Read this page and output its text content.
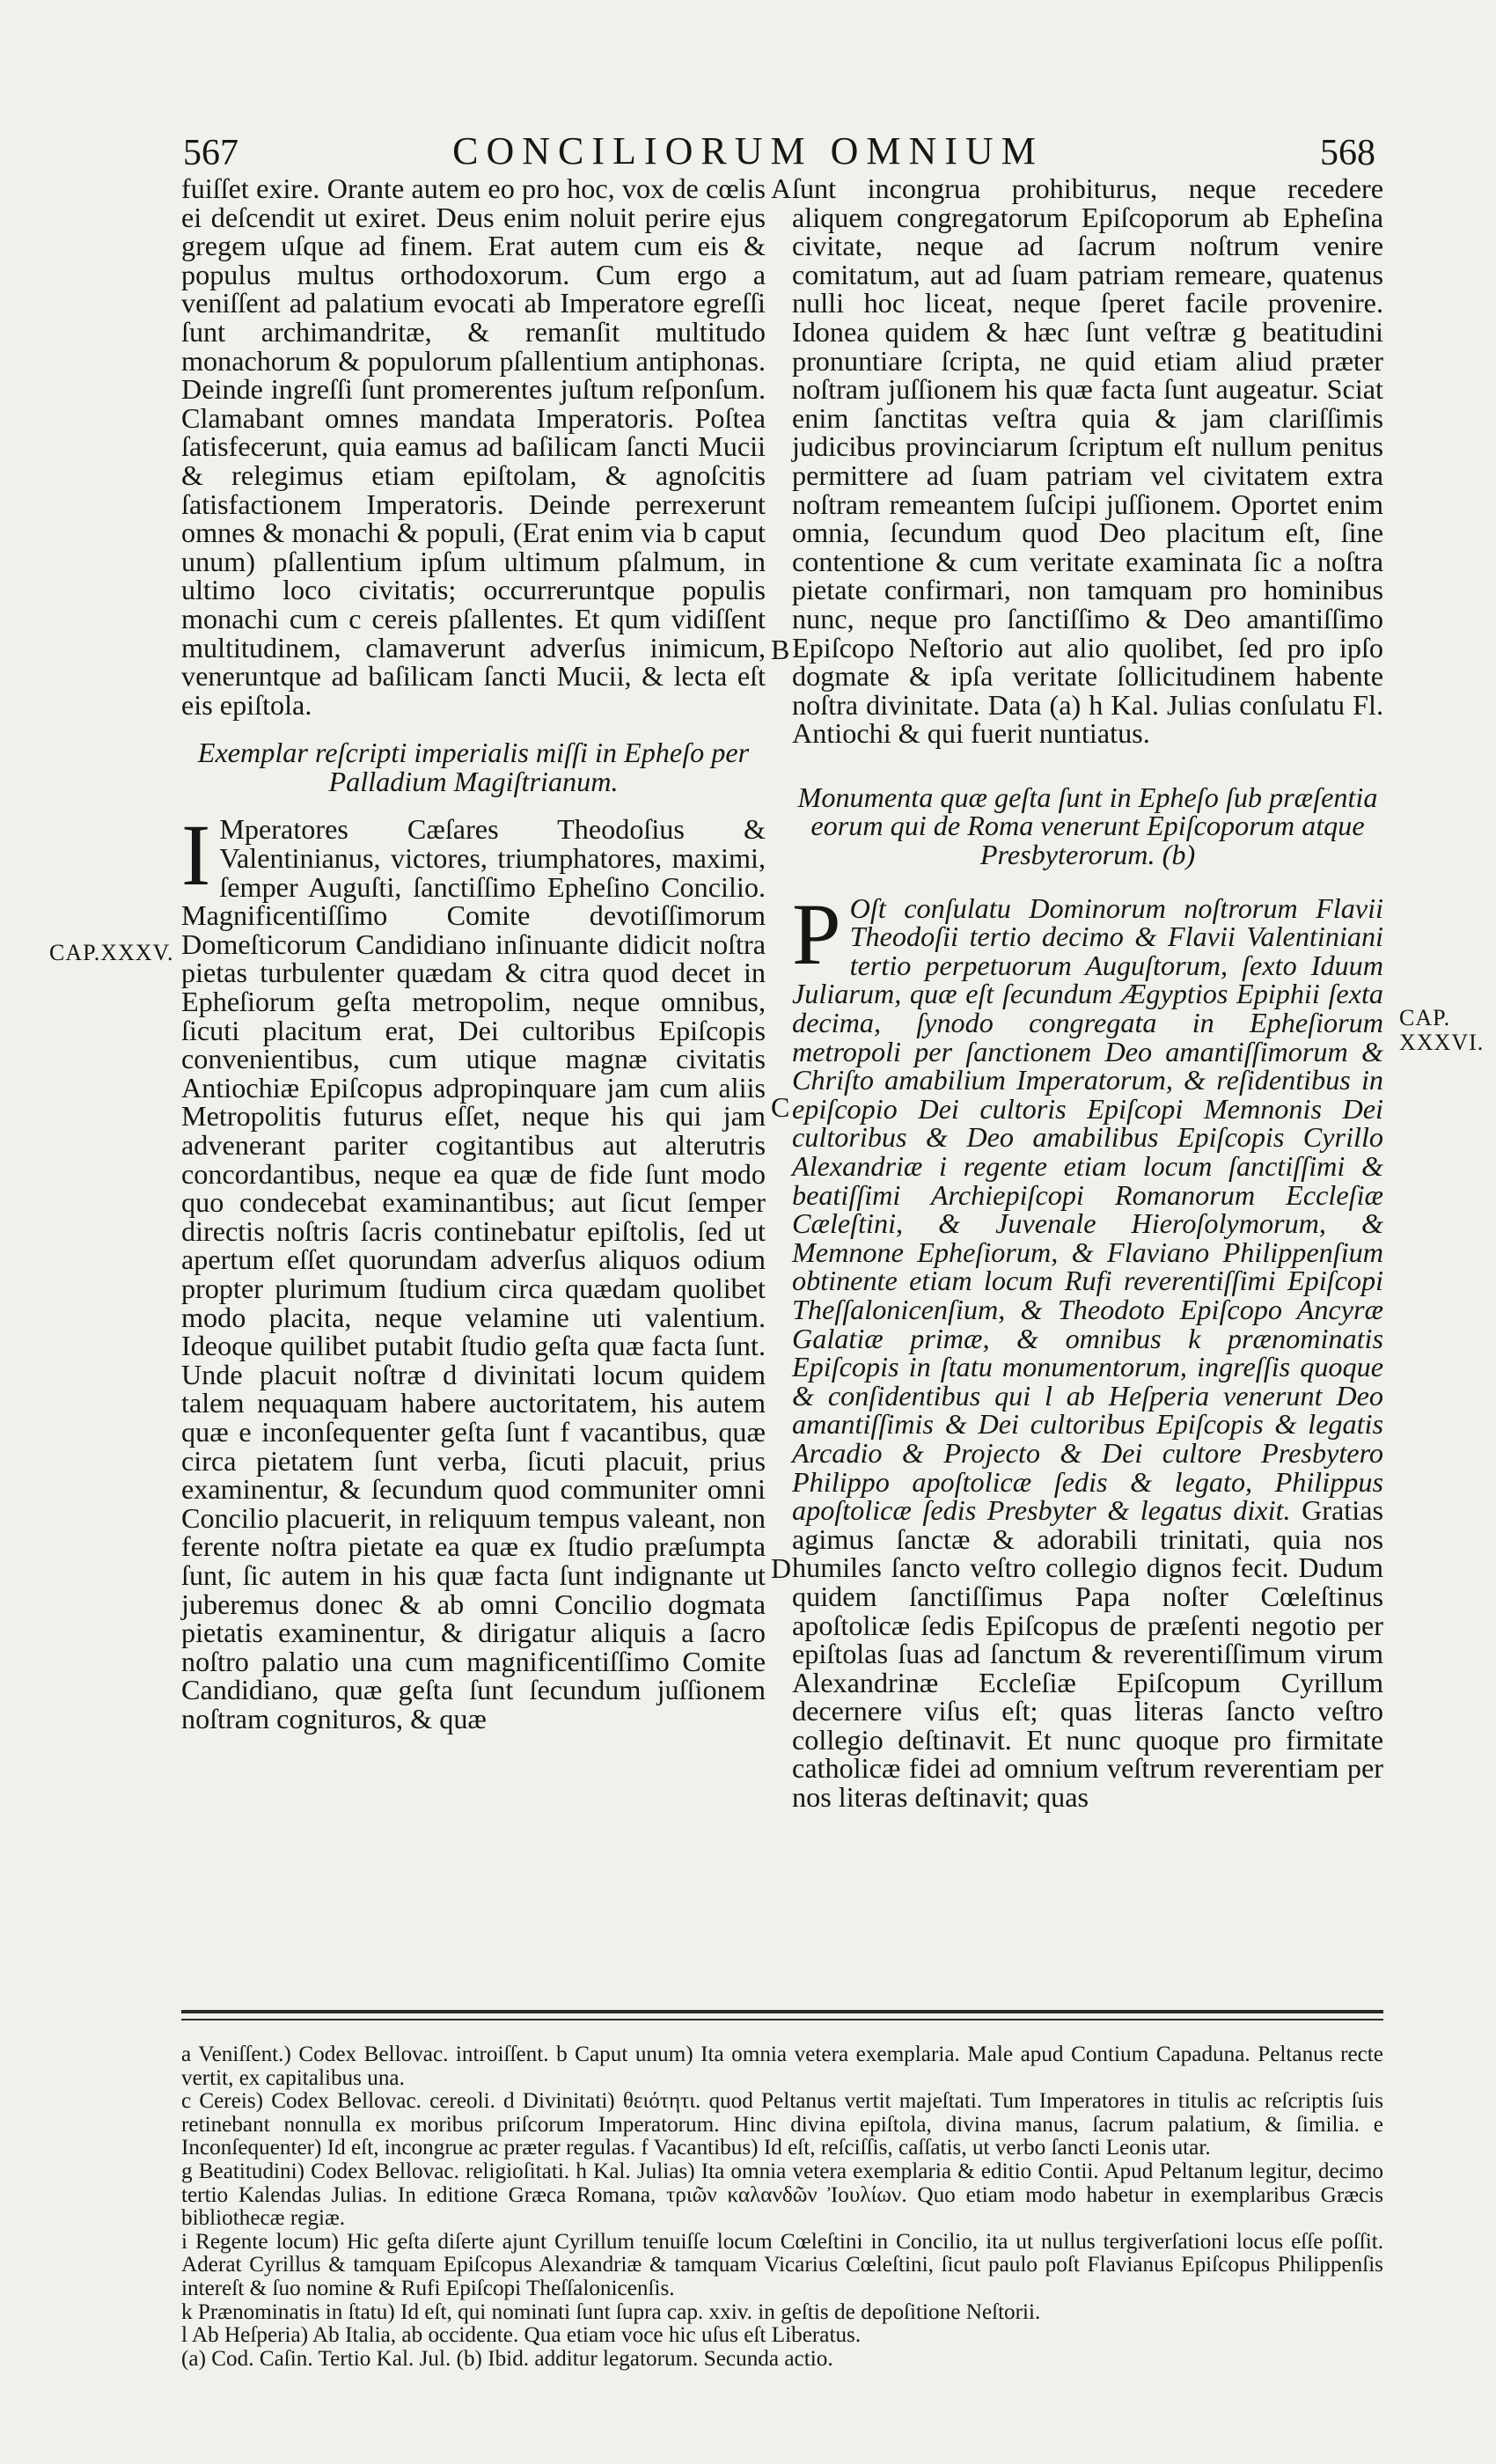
567	CONCILIORUM OMNIUM	568

fuiſſet exire. Orante autem eo pro hoc, vox de cœlis ei deſcendit ut exiret. Deus enim noluit perire ejus gregem uſque ad finem. Erat autem cum eis & populus multus orthodoxorum. Cum ergo a veniſſent ad palatium evocati ab Imperatore egreſſi ſunt archimandritæ, & remanſit multitudo monachorum & populorum pſallentium antiphonas. Deinde ingreſſi ſunt promerentes juſtum reſponſum. Clamabant omnes mandata Imperatoris. Poſtea ſatisfecerunt, quia eamus ad baſilicam ſancti Mucii & relegimus etiam epiſtolam, & agnoſcitis ſatisfactionem Imperatoris. Deinde perrexerunt omnes & monachi & populi, (Erat enim via b caput unum) pſallentium ipſum ultimum pſalmum, in ultimo loco civitatis; occurreruntque populis monachi cum c cereis pſallentes. Et qum vidiſſent multitudinem, clamaverunt adverſus inimicum, veneruntque ad baſilicam ſancti Mucii, & lecta eſt eis epiſtola.

Exemplar reſcripti imperialis miſſi in Epheſo per Palladium Magiſtrianum.

I Mperatores Cæſares Theodoſius & Valentinianus, victores, triumphatores, maximi, ſemper Auguſti, ſanctiſſimo Epheſino Concilio. Magnificentiſſimo Comite devotiſſimorum Domeſticorum Candidiano inſinuante didicit noſtra pietas turbulenter quædam & citra quod decet in Epheſiorum geſta metropolim, neque omnibus, ſicuti placitum erat, Dei cultoribus Epiſcopis convenientibus, cum utique magnæ civitatis Antiochiæ Epiſcopus adpropinquare jam cum aliis Metropolitis futurus eſſet, neque his qui jam advenerant pariter cogitantibus aut alterutris concordantibus, neque ea quæ de fide ſunt modo quo condecebat examinantibus; aut ſicut ſemper directis noſtris ſacris continebatur epiſtolis, ſed ut apertum eſſet quorundam adverſus aliquos odium propter plurimum ſtudium circa quædam quolibet modo placita, neque velamine uti valentium. Ideoque quilibet putabit ſtudio geſta quæ facta ſunt. Unde placuit noſtræ d divinitati locum quidem talem nequaquam habere auctoritatem, his autem quæ e inconſequenter geſta ſunt f vacantibus, quæ circa pietatem ſunt verba, ſicuti placuit, prius examinentur, & ſecundum quod communiter omni Concilio placuerit, in reliquum tempus valeant, non ferente noſtra pietate ea quæ ex ſtudio præſumpta ſunt, ſic autem in his quæ facta ſunt indignante ut juberemus donec & ab omni Concilio dogmata pietatis examinentur, & dirigatur aliquis a ſacro noſtro palatio una cum magnificentiſſimo Comite Candidiano, quæ geſta ſunt ſecundum juſſionem noſtram cognituros, & quæ

ſunt incongrua prohibiturus, neque recedere aliquem congregatorum Epiſcoporum ab Epheſina civitate, neque ad ſacrum noſtrum venire comitatum, aut ad ſuam patriam remeare, quatenus nulli hoc liceat, neque ſperet facile provenire. Idonea quidem & hæc ſunt veſtræ g beatitudini pronuntiare ſcripta, ne quid etiam aliud præter noſtram juſſionem his quæ facta ſunt augeatur. Sciat enim ſanctitas veſtra quia & jam clariſſimis judicibus provinciarum ſcriptum eſt nullum penitus permittere ad ſuam patriam vel civitatem extra noſtram remeantem ſuſcipi juſſionem. Oportet enim omnia, ſecundum quod Deo placitum eſt, ſine contentione & cum veritate examinata ſic a noſtra pietate confirmari, non tamquam pro hominibus nunc, neque pro ſanctiſſimo & Deo amantiſſimo Epiſcopo Neſtorio aut alio quolibet, ſed pro ipſo dogmate & ipſa veritate ſollicitudinem habente noſtra divinitate. Data (a) h Kal. Julias conſulatu Fl. Antiochi & qui fuerit nuntiatus.

Monumenta quæ geſta ſunt in Epheſo ſub præſentia eorum qui de Roma venerunt Epiſcoporum atque Presbyterorum. (b)

P Oſt conſulatu Dominorum noſtrorum Flavii Theodoſii tertio decimo & Flavii Valentiniani tertio perpetuorum Auguſtorum, ſexto Iduum Juliarum, quæ eſt ſecundum Ægyptios Epiphii ſexta decima, ſynodo congregata in Epheſiorum metropoli per ſanctionem Deo amantiſſimorum & Chriſto amabilium Imperatorum, & reſidentibus in epiſcopio Dei cultoris Epiſcopi Memnonis Dei cultoribus & Deo amabilibus Epiſcopis Cyrillo Alexandriæ i regente etiam locum ſanctiſſimi & beatiſſimi Archiepiſcopi Romanorum Eccleſiæ Cæleſtini, & Juvenale Hieroſolymorum, & Memnone Epheſiorum, & Flaviano Philippenſium obtinente etiam locum Rufi reverentiſſimi Epiſcopi Theſſalonicenſium, & Theodoto Epiſcopo Ancyræ Galatiæ primæ, & omnibus k prænominatis Epiſcopis in ſtatu monumentorum, ingreſſis quoque & conſidentibus qui l ab Heſperia venerunt Deo amantiſſimis & Dei cultoribus Epiſcopis & legatis Arcadio & Projecto & Dei cultore Presbytero Philippo apoſtolicæ ſedis & legato, Philippus apoſtolicæ ſedis Presbyter & legatus dixit. Gratias agimus ſanctæ & adorabili trinitati, quia nos humiles ſancto veſtro collegio dignos fecit. Dudum quidem ſanctiſſimus Papa noſter Cœleſtinus apoſtolicæ ſedis Epiſcopus de præſenti negotio per epiſtolas ſuas ad ſanctum & reverentiſſimum virum Alexandrinæ Eccleſiæ Epiſcopum Cyrillum decernere viſus eſt; quas literas ſancto veſtro collegio deſtinavit. Et nunc quoque pro firmitate catholicæ fidei ad omnium veſtrum reverentiam per nos literas deſtinavit; quas

CAP.XXXV.
CAP.
XXXVI.
A
B
C
D

a Veniſſent.) Codex Bellovac. introiſſent. b Caput unum) Ita omnia vetera exemplaria. Male apud Contium Capaduna. Peltanus recte vertit, ex capitalibus una.

c Cereis) Codex Bellovac. cereoli. d Divinitati) θειότητι. quod Peltanus vertit majeſtati. Tum Imperatores in titulis ac reſcriptis ſuis retinebant nonnulla ex moribus priſcorum Imperatorum. Hinc divina epiſtola, divina manus, ſacrum palatium, & ſimilia. e Inconſequenter) Id eſt, incongrue ac præter regulas. f Vacantibus) Id eſt, reſciſſis, caſſatis, ut verbo ſancti Leonis utar.

g Beatitudini) Codex Bellovac. religioſitati. h Kal. Julias) Ita omnia vetera exemplaria & editio Contii. Apud Peltanum legitur, decimo tertio Kalendas Julias. In editione Græca Romana, τριῶν καλανδῶν Ἰουλίων. Quo etiam modo habetur in exemplaribus Græcis bibliothecæ regiæ.

i Regente locum) Hic geſta diſerte ajunt Cyrillum tenuiſſe locum Cœleſtini in Concilio, ita ut nullus tergiverſationi locus eſſe poſſit. Aderat Cyrillus & tamquam Epiſcopus Alexandriæ & tamquam Vicarius Cœleſtini, ſicut paulo poſt Flavianus Epiſcopus Philippenſis intereſt & ſuo nomine & Rufi Epiſcopi Theſſalonicenſis.

k Prænominatis in ſtatu) Id eſt, qui nominati ſunt ſupra cap. xxiv. in geſtis de depoſitione Neſtorii.

l Ab Heſperia) Ab Italia, ab occidente. Qua etiam voce hic uſus eſt Liberatus.

(a) Cod. Caſin. Tertio Kal. Jul. (b) Ibid. additur legatorum. Secunda actio.
